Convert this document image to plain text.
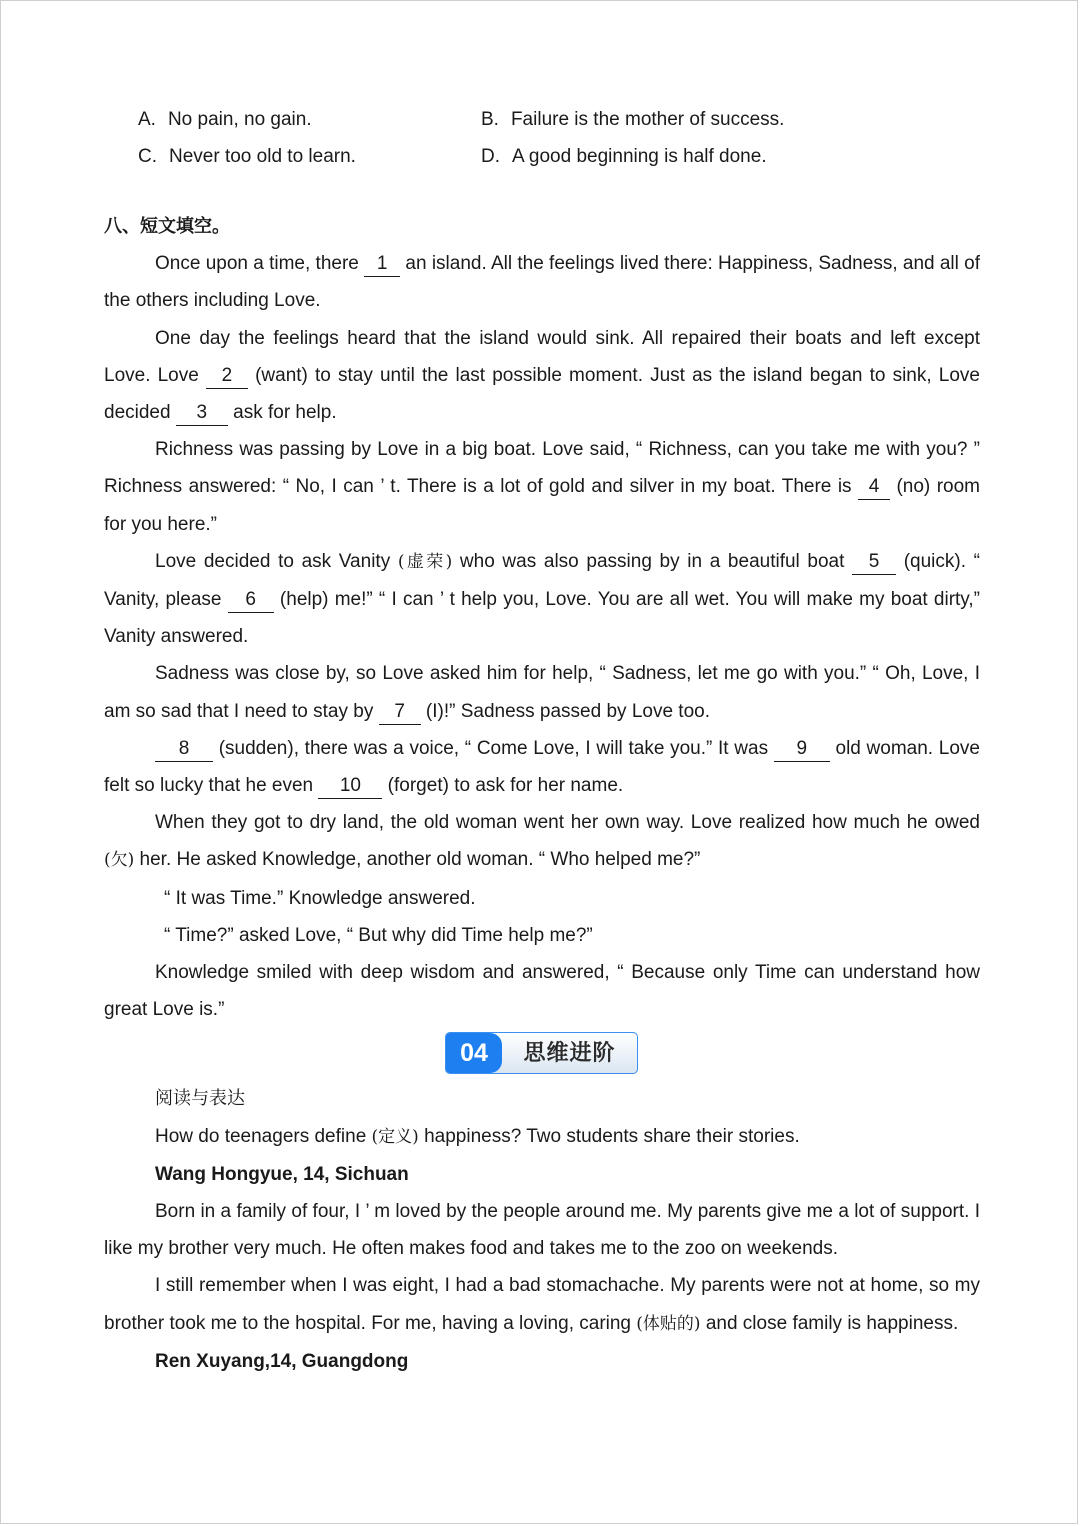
A. No pain, no gain.	B. Failure is the mother of success.
C. Never too old to learn.	D. A good beginning is half done.

八、短文填空。

Once upon a time, there 1 an island. All the feelings lived there: Happiness, Sadness, and all of the others including Love.

One day the feelings heard that the island would sink. All repaired their boats and left except Love. Love 2 (want) to stay until the last possible moment. Just as the island began to sink, Love decided 3 ask for help.

Richness was passing by Love in a big boat. Love said, “ Richness, can you take me with you? ” Richness answered: “ No, I can ’ t. There is a lot of gold and silver in my boat. There is 4 (no) room for you here.”

Love decided to ask Vanity (虚荣) who was also passing by in a beautiful boat 5 (quick). “ Vanity, please 6 (help) me!” “ I can ’ t help you, Love. You are all wet. You will make my boat dirty,” Vanity answered.

Sadness was close by, so Love asked him for help, “ Sadness, let me go with you.” “ Oh, Love, I am so sad that I need to stay by 7 (I)!” Sadness passed by Love too.

8 (sudden), there was a voice, “ Come Love, I will take you.” It was 9 old woman. Love felt so lucky that he even 10 (forget) to ask for her name.

When they got to dry land, the old woman went her own way. Love realized how much he owed (欠) her. He asked Knowledge, another old woman. “ Who helped me?”

“ It was Time.” Knowledge answered.

“ Time?” asked Love, “ But why did Time help me?”

Knowledge smiled with deep wisdom and answered, “ Because only Time can understand how great Love is.”

04	思维进阶

阅读与表达

How do teenagers define (定义) happiness? Two students share their stories.

Wang Hongyue, 14, Sichuan

Born in a family of four, I ’ m loved by the people around me. My parents give me a lot of support. I like my brother very much. He often makes food and takes me to the zoo on weekends.

I still remember when I was eight, I had a bad stomachache. My parents were not at home, so my brother took me to the hospital. For me, having a loving, caring (体贴的) and close family is happiness.

Ren Xuyang,14, Guangdong
